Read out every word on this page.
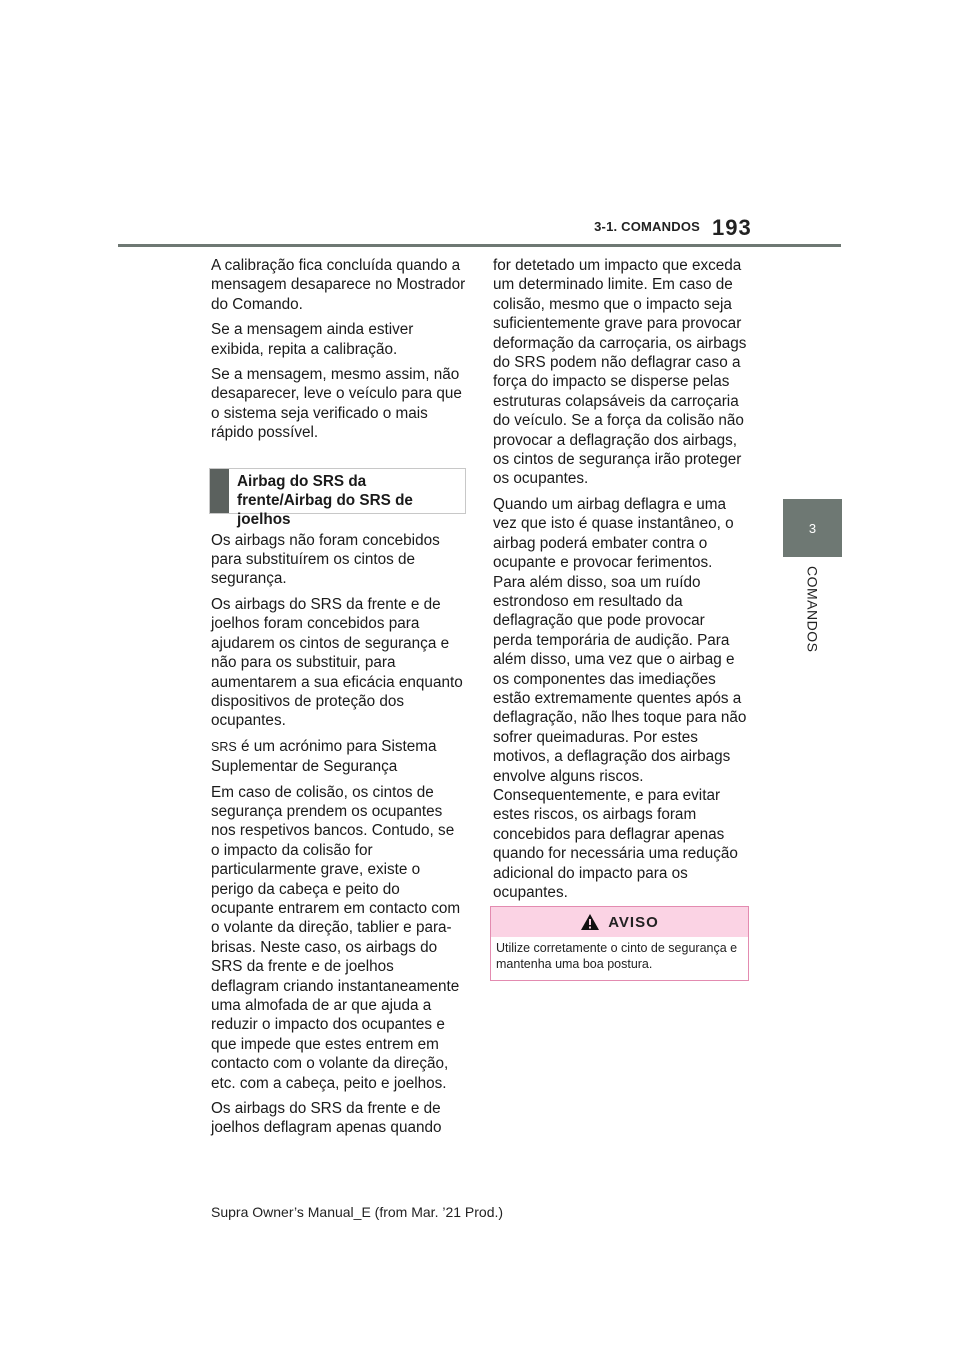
3-1. COMANDOS 193
3
COMANDOS

A calibração fica concluída quando a mensagem desaparece no Mostrador do Comando.

Se a mensagem ainda estiver exibida, repita a calibração.

Se a mensagem, mesmo assim, não desaparecer, leve o veículo para que o sistema seja verificado o mais rápido possível.

Airbag do SRS da frente/Airbag do SRS de joelhos

Os airbags não foram concebidos para substituírem os cintos de segurança.

Os airbags do SRS da frente e de joelhos foram concebidos para ajudarem os cintos de segurança e não para os substituir, para aumentarem a sua eficácia enquanto dispositivos de proteção dos ocupantes.

SRS é um acrónimo para Sistema Suplementar de Segurança

Em caso de colisão, os cintos de segurança prendem os ocupantes nos respetivos bancos. Contudo, se o impacto da colisão for particularmente grave, existe o perigo da cabeça e peito do ocupante entrarem em contacto com o volante da direção, tablier e para-brisas. Neste caso, os airbags do SRS da frente e de joelhos deflagram criando instantaneamente uma almofada de ar que ajuda a reduzir o impacto dos ocupantes e que impede que estes entrem em contacto com o volante da direção, etc. com a cabeça, peito e joelhos.

Os airbags do SRS da frente e de joelhos deflagram apenas quando

for detetado um impacto que exceda um determinado limite. Em caso de colisão, mesmo que o impacto seja suficientemente grave para provocar deformação da carroçaria, os airbags do SRS podem não deflagrar caso a força do impacto se disperse pelas estruturas colapsáveis da carroçaria do veículo. Se a força da colisão não provocar a deflagração dos airbags, os cintos de segurança irão proteger os ocupantes.

Quando um airbag deflagra e uma vez que isto é quase instantâneo, o airbag poderá embater contra o ocupante e provocar ferimentos. Para além disso, soa um ruído estrondoso em resultado da deflagração que pode provocar perda temporária de audição. Para além disso, uma vez que o airbag e os componentes das imediações estão extremamente quentes após a deflagração, não lhes toque para não sofrer queimaduras. Por estes motivos, a deflagração dos airbags envolve alguns riscos. Consequentemente, e para evitar estes riscos, os airbags foram concebidos para deflagrar apenas quando for necessária uma redução adicional do impacto para os ocupantes.

AVISO
Utilize corretamente o cinto de segurança e mantenha uma boa postura.
Supra Owner’s Manual_E (from Mar. ’21 Prod.)
